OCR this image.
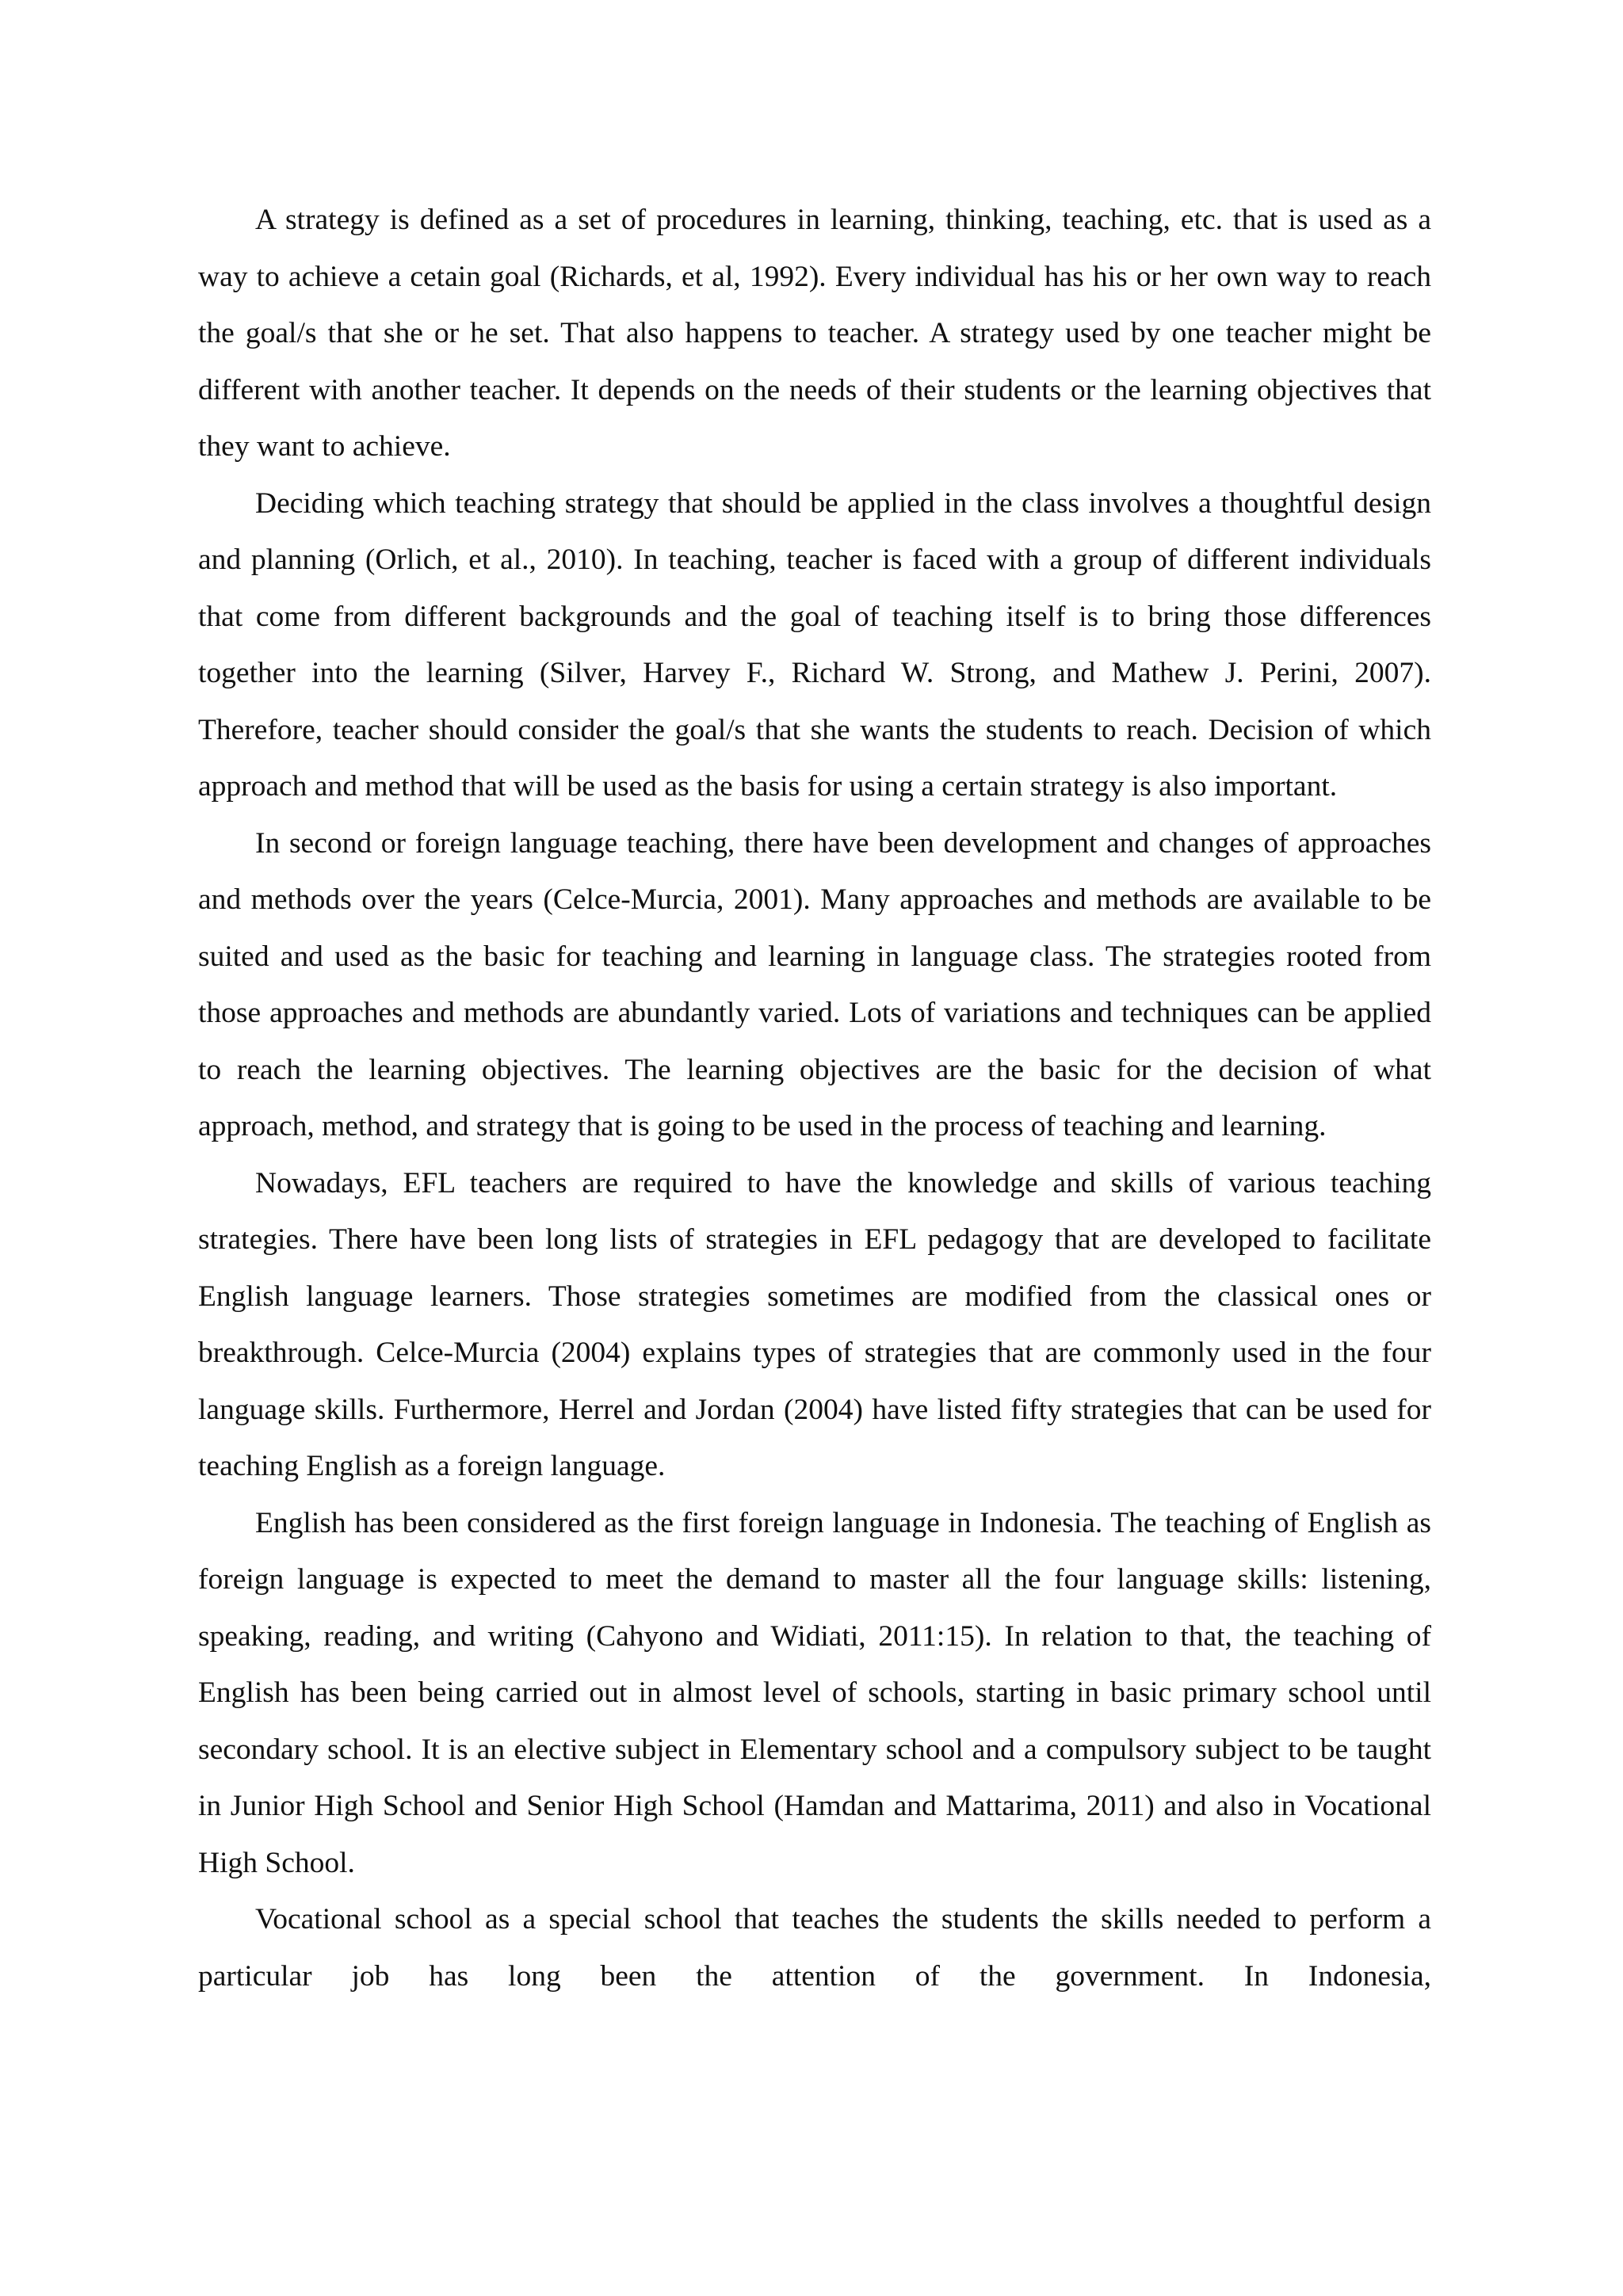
A strategy is defined as a set of procedures in learning, thinking, teaching, etc. that is used as a way to achieve a cetain goal (Richards, et al, 1992). Every individual has his or her own way to reach the goal/s that she or he set. That also happens to teacher. A strategy used by one teacher might be different with another teacher. It depends on the needs of their students or the learning objectives that they want to achieve.

Deciding which teaching strategy that should be applied in the class involves a thoughtful design and planning (Orlich, et al., 2010). In teaching, teacher is faced with a group of different individuals that come from different backgrounds and the goal of teaching itself is to bring those differences together into the learning (Silver, Harvey F., Richard W. Strong, and Mathew J. Perini, 2007). Therefore, teacher should consider the goal/s that she wants the students to reach. Decision of which approach and method that will be used as the basis for using a certain strategy is also important.

In second or foreign language teaching, there have been development and changes of approaches and methods over the years (Celce-Murcia, 2001). Many approaches and methods are available to be suited and used as the basic for teaching and learning in language class. The strategies rooted from those approaches and methods are abundantly varied. Lots of variations and techniques can be applied to reach the learning objectives. The learning objectives are the basic for the decision of what approach, method, and strategy that is going to be used in the process of teaching and learning.

Nowadays, EFL teachers are required to have the knowledge and skills of various teaching strategies. There have been long lists of strategies in EFL pedagogy that are developed to facilitate English language learners. Those strategies sometimes are modified from the classical ones or breakthrough. Celce-Murcia (2004) explains types of strategies that are commonly used in the four language skills. Furthermore, Herrel and Jordan (2004) have listed fifty strategies that can be used for teaching English as a foreign language.

English has been considered as the first foreign language in Indonesia. The teaching of English as foreign language is expected to meet the demand to master all the four language skills: listening, speaking, reading, and writing (Cahyono and Widiati, 2011:15). In relation to that, the teaching of English has been being carried out in almost level of schools, starting in basic primary school until secondary school. It is an elective subject in Elementary school and a compulsory subject to be taught in Junior High School and Senior High School (Hamdan and Mattarima, 2011) and also in Vocational High School.

Vocational school as a special school that teaches the students the skills needed to perform a particular job has long been the attention of the government. In Indonesia,
